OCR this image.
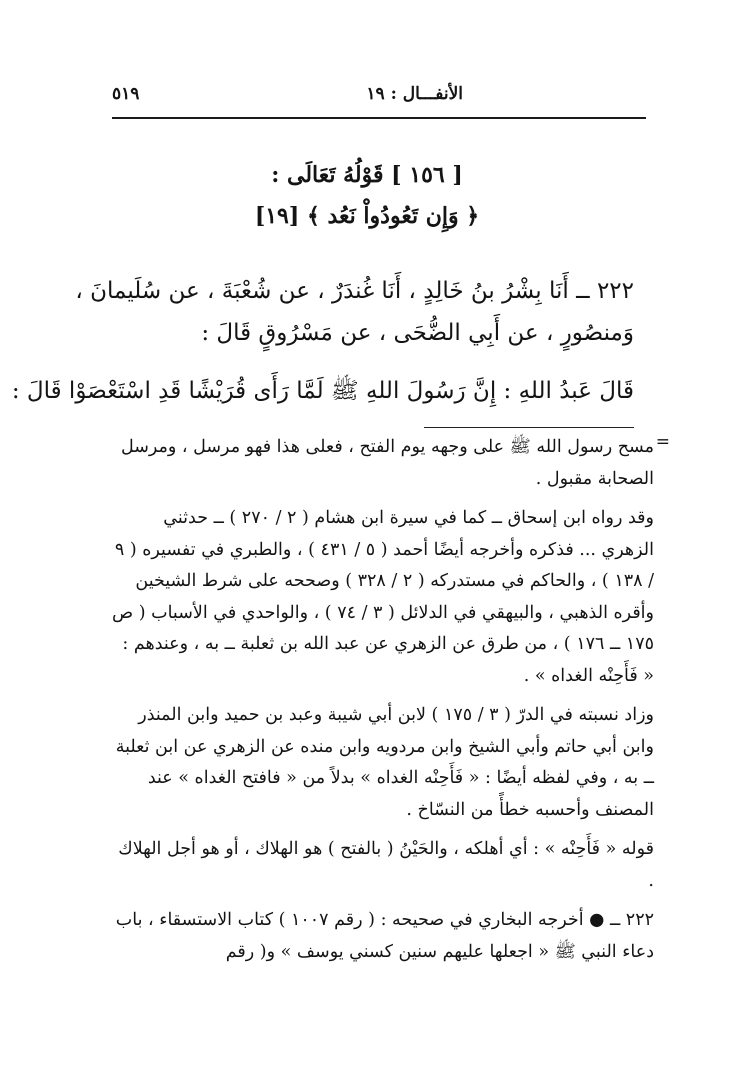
الأنفـــال : ١٩
٥١٩
[ ١٥٦ ] قَوْلُهُ تَعَالَى :
﴿ وَإِن تَعُودُواْ نَعُد ﴾ [١٩]

٢٢٢ ــ أَنَا بِشْرُ بنُ خَالِدٍ ، أَنَا غُندَرٌ ، عن شُعْبَةَ ، عن سُلَيمانَ ،

وَمنصُورٍ ، عن أَبِي الضُّحَى ، عن مَسْرُوقٍ قَالَ :

قَالَ عَبدُ اللهِ : إِنَّ رَسُولَ اللهِ ﷺ لَمَّا رَأَى قُرَيْشًا قَدِ اسْتَعْصَوْا قَالَ :

=

مسح رسول الله ﷺ على وجهه يوم الفتح ، فعلى هذا فهو مرسل ، ومرسل الصحابة مقبول .

وقد رواه ابن إسحاق ــ كما في سيرة ابن هشام ( ٢ / ٢٧٠ ) ــ حدثني الزهري ... فذكره وأخرجه أيضًا أحمد ( ٥ / ٤٣١ ) ، والطبري في تفسيره ( ٩ / ١٣٨ ) ، والحاكم في مستدركه ( ٢ / ٣٢٨ ) وصححه على شرط الشيخين وأقره الذهبي ، والبيهقي في الدلائل ( ٣ / ٧٤ ) ، والواحدي في الأسباب ( ص ١٧٥ ــ ١٧٦ ) ، من طرق عن الزهري عن عبد الله بن ثعلبة ــ به ، وعندهم : « فَأَحِنْه الغداه » .

وزاد نسبته في الدرّ ( ٣ / ١٧٥ ) لابن أبي شيبة وعبد بن حميد وابن المنذر وابن أبي حاتم وأبي الشيخ وابن مردويه وابن منده عن الزهري عن ابن ثعلبة ــ به ، وفي لفظه أيضًا : « فَأَحِنْه الغداه » بدلاً من « فافتح الغداه » عند المصنف وأحسبه خطأً من النسّاخ .

قوله « فَأَحِنْه » : أي أهلكه ، والحَيْنُ ( بالفتح ) هو الهلاك ، أو هو أجل الهلاك .

٢٢٢ ــ ● أخرجه البخاري في صحيحه : ( رقم ١٠٠٧ ) كتاب الاستسقاء ، باب دعاء النبي ﷺ « اجعلها عليهم سنين كسني يوسف » و( رقم
